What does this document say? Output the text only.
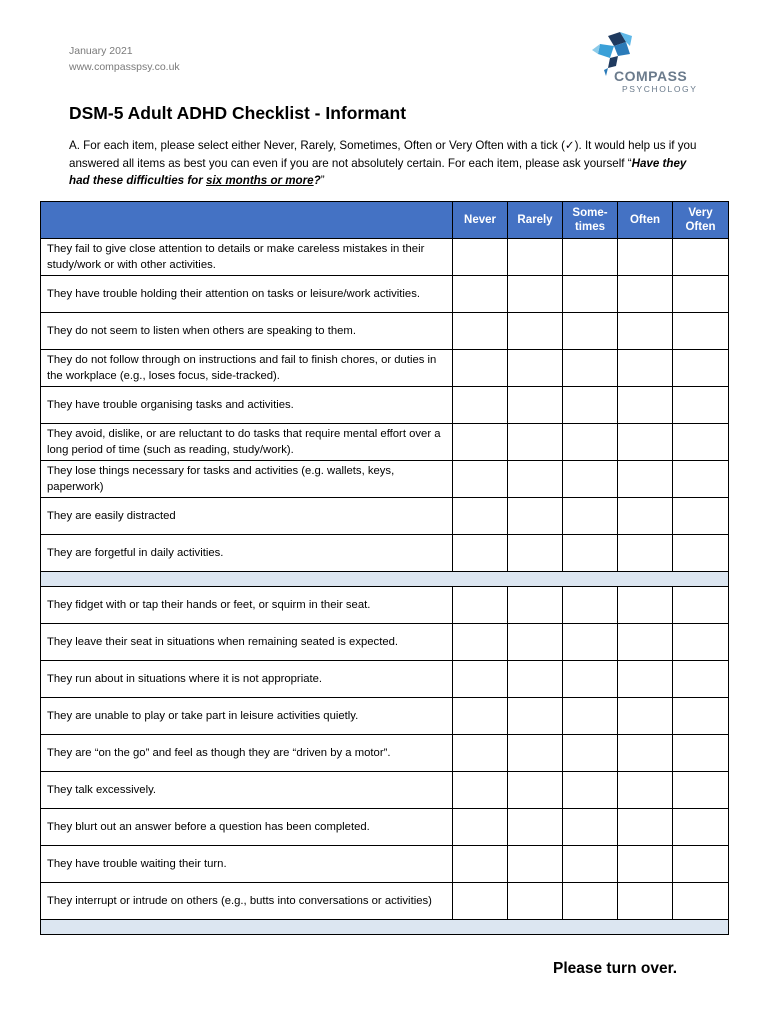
January 2021
www.compasspsy.co.uk
COMPASS
PSYCHOLOGY
DSM-5 Adult ADHD Checklist - Informant
A. For each item, please select either Never, Rarely, Sometimes, Often or Very Often with a tick (✓). It would help us if you answered all items as best you can even if you are not absolutely certain. For each item, please ask yourself “Have they had these difficulties for six months or more?”
	Never	Rarely	Some-times	Often	Very Often
They fail to give close attention to details or make careless mistakes in their study/work or with other activities.					
They have trouble holding their attention on tasks or leisure/work activities.					
They do not seem to listen when others are speaking to them.					
They do not follow through on instructions and fail to finish chores, or duties in the workplace (e.g., loses focus, side-tracked).					
They have trouble organising tasks and activities.					
They avoid, dislike, or are reluctant to do tasks that require mental effort over a long period of time (such as reading, study/work).					
They lose things necessary for tasks and activities (e.g. wallets, keys, paperwork)					
They are easily distracted					
They are forgetful in daily activities.					

They fidget with or tap their hands or feet, or squirm in their seat.					
They leave their seat in situations when remaining seated is expected.					
They run about in situations where it is not appropriate.					
They are unable to play or take part in leisure activities quietly.					
They are “on the go” and feel as though they are “driven by a motor”.					
They talk excessively.					
They blurt out an answer before a question has been completed.					
They have trouble waiting their turn.					
They interrupt or intrude on others (e.g., butts into conversations or activities)					

Please turn over.
